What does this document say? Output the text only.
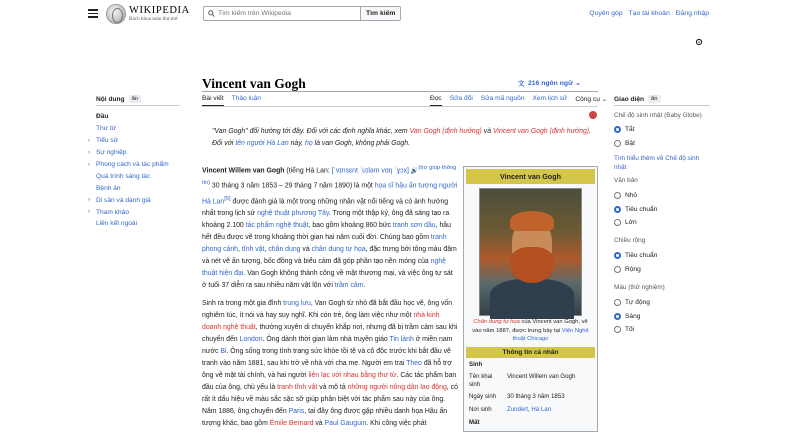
WIKIPEDIA
Bách khoa toàn thư mở
Tìm kiếm trên Wikipedia
Tìm kiếm	Quyên góp Tạo tài khoản Đăng nhập
Nội dung	ẩn
Đầu
Thư từ
› Tiểu sử
› Sự nghiệp
› Phong cách và tác phẩm
Quá trình sáng tác
Bệnh ân
› Di sản và danh giá
› Tham khảo
Liên kết ngoài
Vincent van Gogh	文 216 ngôn ngữ ⌄
Bài viết Thảo luận	Đọc Sửa đổi Sửa mã nguồn Xem lịch sử Công cụ ⌄
"Van Gogh" đổi hướng tới đây. Đối với các định nghĩa khác, xem Van Gogh (định hướng) và Vincent van Gogh (định hướng).
Đối với tên người Hà Lan này, họ là van Gogh, không phải Gogh.

Vincent Willem van Gogh (tiếng Hà Lan: [ˈvɪnsɛnt ˈʋɪləm vɑŋ ˈɣɔx] 🔊$^{(trợ giúp\cdot thông tin)}$ 30 tháng 3 năm 1853 – 29 tháng 7 năm 1890) là một họa sĩ hậu ấn tượng người Hà Lan[5] được đánh giá là một trong những nhân vật nổi tiếng và có ảnh hưởng nhất trong lịch sử nghệ thuật phương Tây. Trong một thập kỷ, ông đã sáng tạo ra khoảng 2.100 tác phẩm nghệ thuật, bao gồm khoảng 860 bức tranh sơn dầu, hầu hết đều được vẽ trong khoảng thời gian hai năm cuối đời. Chúng bao gồm tranh phong cảnh, tĩnh vật, chân dung và chân dung tự họa, đặc trưng bởi tông màu đậm và nét vẽ ấn tượng, bốc đồng và biểu cảm đã góp phần tạo nền móng của nghệ thuật hiện đại. Van Gogh không thành công về mặt thương mại, và việc ông tự sát ở tuổi 37 diễn ra sau nhiều năm vật lộn với trầm cảm.

Sinh ra trong một gia đình trung lưu, Van Gogh từ nhỏ đã bắt đầu học vẽ, ông vốn nghiêm túc, ít nói và hay suy nghĩ. Khi còn trẻ, ông làm việc như một nhà kinh doanh nghệ thuật, thường xuyên di chuyển khắp nơi, nhưng đã bị trầm cảm sau khi chuyển đến London. Ông dành thời gian làm nhà truyền giáo Tin lành ở miền nam nước Bỉ. Ông sống trong tình trạng sức khỏe tồi tệ và cô độc trước khi bắt đầu vẽ tranh vào năm 1881, sau khi trở về nhà với cha mẹ. Người em trai Theo đã hỗ trợ ông về mặt tài chính, và hai người liên lạc với nhau bằng thư từ. Các tác phẩm ban đầu của ông, chủ yếu là tranh tĩnh vật và mô tả những người nông dân lao động, có rất ít dấu hiệu về màu sắc sặc sỡ giúp phân biệt với tác phẩm sau này của ông. Năm 1886, ông chuyển đến Paris, tại đây ông được gặp nhiều danh họa Hậu ấn tượng khác, bao gồm Émile Bernard và Paul Gauguin. Khi công việc phát

Vincent van Gogh
Chân dung tự họa của Vincent van Gogh, vẽ vào năm 1887, được trưng bày tại Viện Nghệ thuật Chicago
Thông tin cá nhân
Sinh	
Tên khai sinh	Vincent Willem van Gogh
Ngày sinh	30 tháng 3 năm 1853
Nơi sinh	Zundert, Hà Lan
Mất	
Giao diện	ẩn
Chế độ sinh nhật (Baby Globe)
Tắt
Bật
Tìm hiểu thêm về Chế độ sinh nhật
Văn bản
Nhỏ
Tiêu chuẩn
Lớn
Chiều rộng
Tiêu chuẩn
Rộng
Màu (thử nghiệm)
Tự động
Sáng
Tối
